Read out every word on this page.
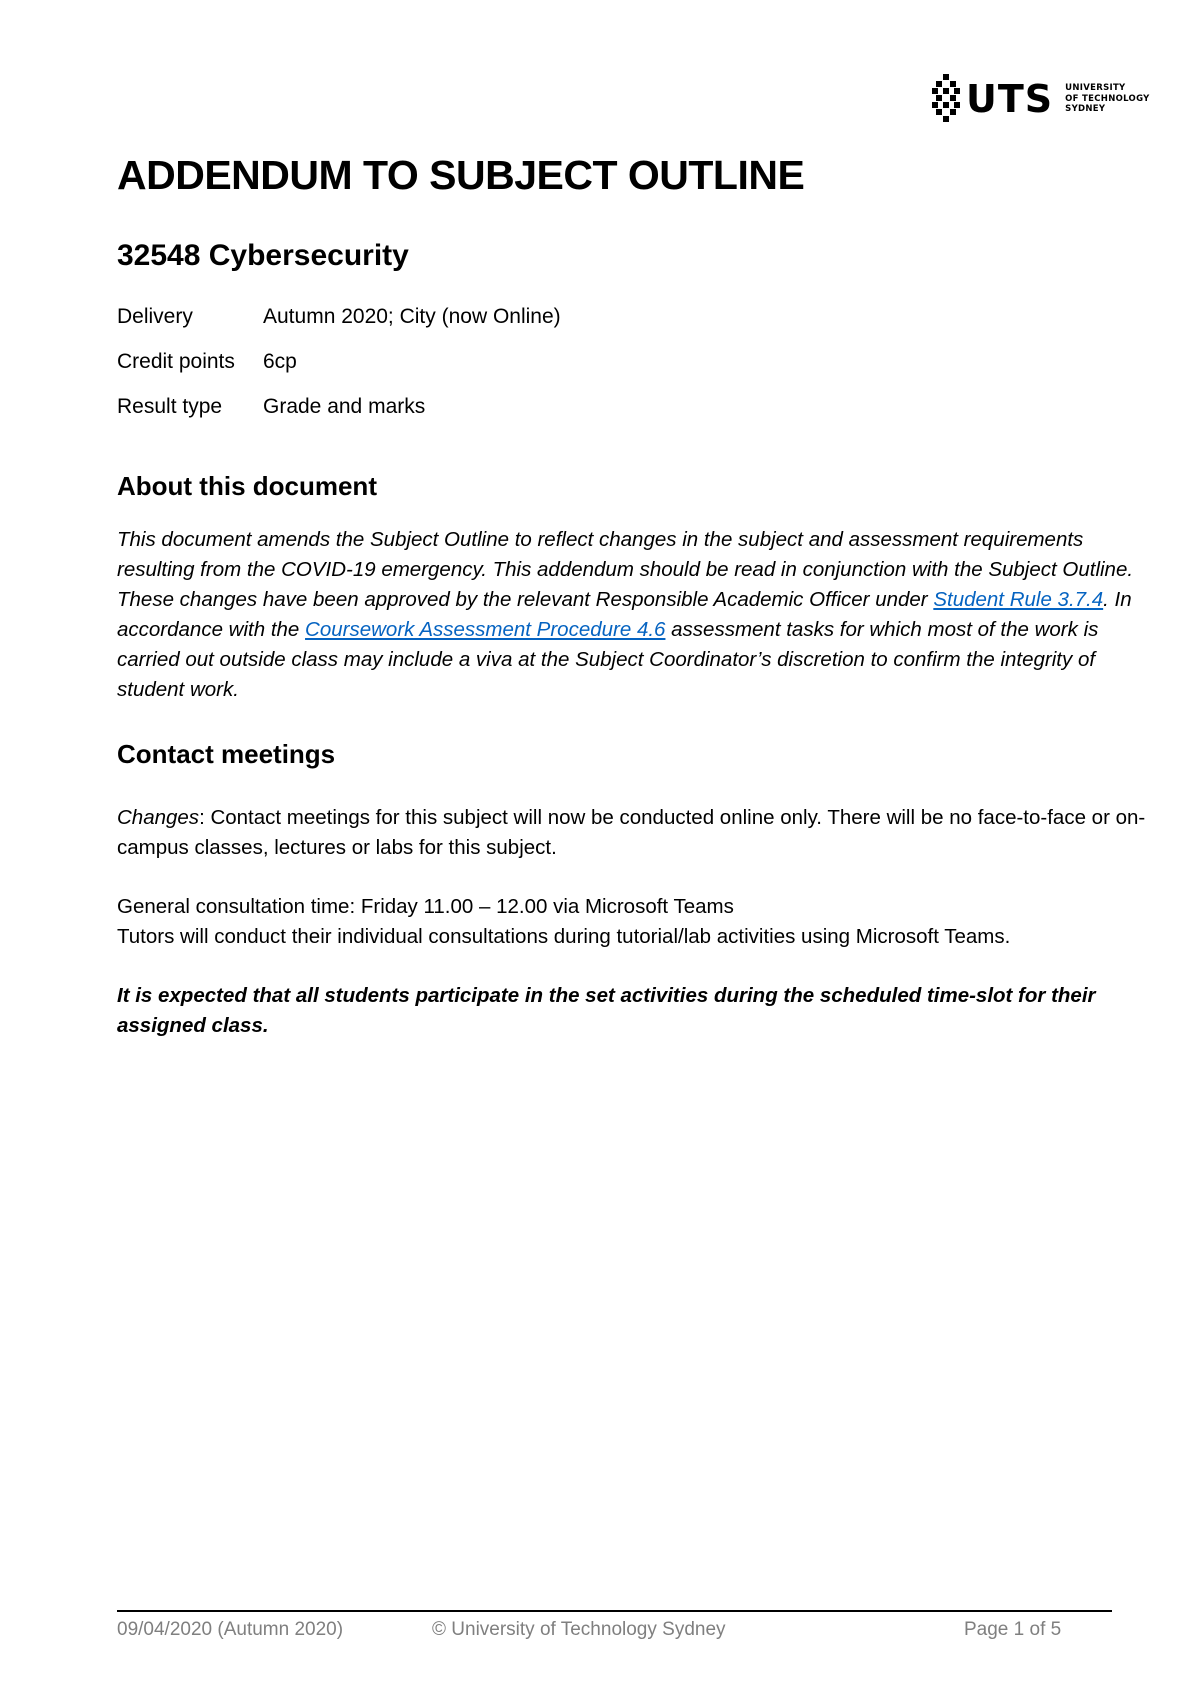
UTS UNIVERSITY
OF TECHNOLOGY
SYDNEY
ADDENDUM TO SUBJECT OUTLINE
32548 Cybersecurity
Delivery	Autumn 2020; City (now Online)
Credit points	6cp
Result type	Grade and marks
About this document

This document amends the Subject Outline to reflect changes in the subject and assessment requirements resulting from the COVID-19 emergency. This addendum should be read in conjunction with the Subject Outline. These changes have been approved by the relevant Responsible Academic Officer under Student Rule 3.7.4. In accordance with the Coursework Assessment Procedure 4.6 assessment tasks for which most of the work is carried out outside class may include a viva at the Subject Coordinator’s discretion to confirm the integrity of student work.

Contact meetings

Changes: Contact meetings for this subject will now be conducted online only. There will be no face-to-face or on-campus classes, lectures or labs for this subject.

General consultation time: Friday 11.00 – 12.00 via Microsoft Teams
Tutors will conduct their individual consultations during tutorial/lab activities using Microsoft Teams.

It is expected that all students participate in the set activities during the scheduled time-slot for their assigned class.

09/04/2020 (Autumn 2020)	© University of Technology Sydney	Page 1 of 5
